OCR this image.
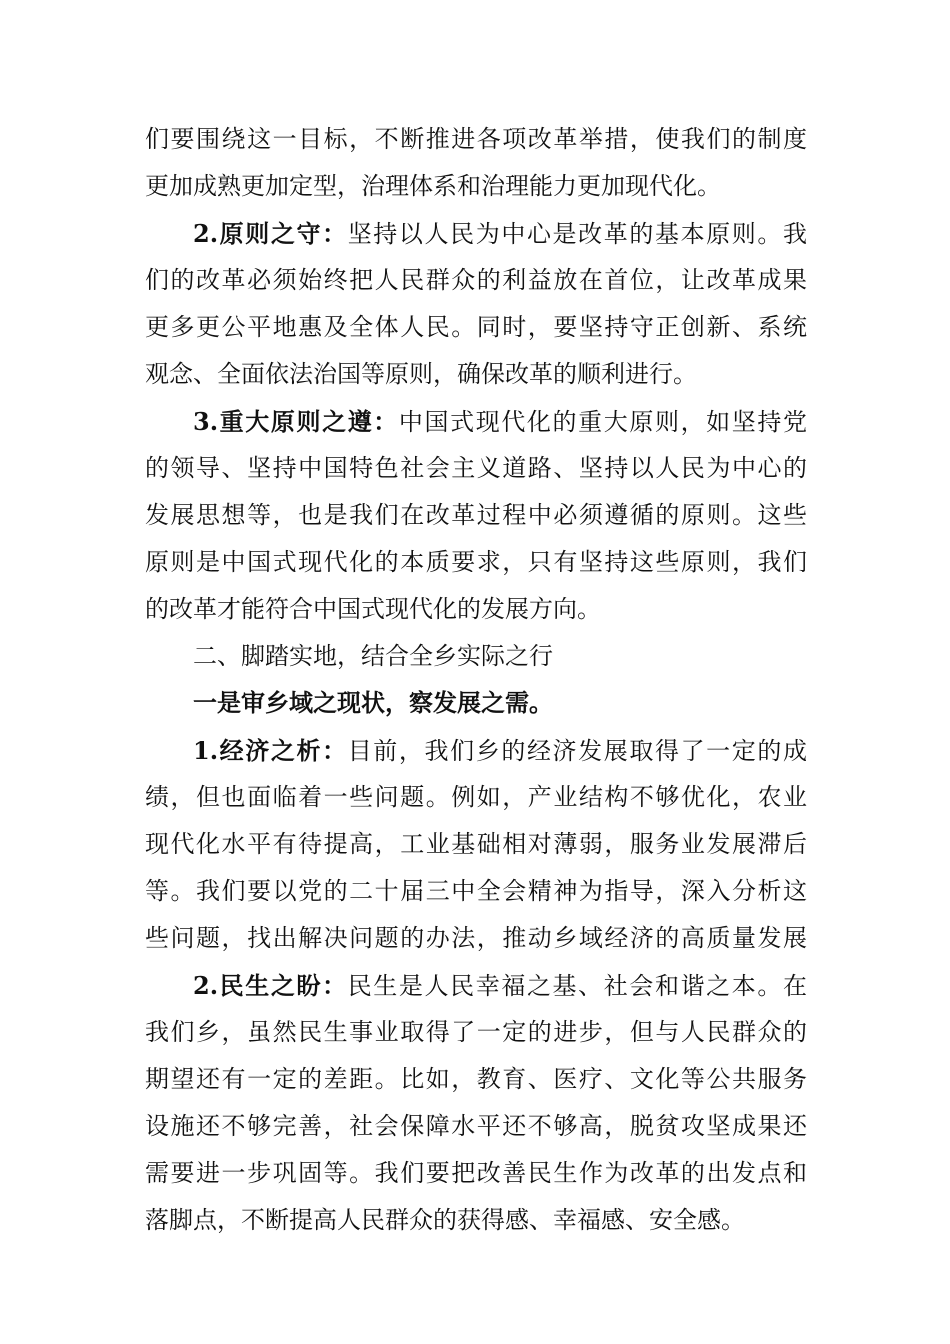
们要围绕这一目标，不断推进各项改革举措，使我们的制度
更加成熟更加定型，治理体系和治理能力更加现代化。
2.原则之守：坚持以人民为中心是改革的基本原则。我
们的改革必须始终把人民群众的利益放在首位，让改革成果
更多更公平地惠及全体人民。同时，要坚持守正创新、系统
观念、全面依法治国等原则，确保改革的顺利进行。
3.重大原则之遵：中国式现代化的重大原则，如坚持党
的领导、坚持中国特色社会主义道路、坚持以人民为中心的
发展思想等，也是我们在改革过程中必须遵循的原则。这些
原则是中国式现代化的本质要求，只有坚持这些原则，我们
的改革才能符合中国式现代化的发展方向。
二、脚踏实地，结合全乡实际之行
一是审乡域之现状，察发展之需。
1.经济之析：目前，我们乡的经济发展取得了一定的成
绩，但也面临着一些问题。例如，产业结构不够优化，农业
现代化水平有待提高，工业基础相对薄弱，服务业发展滞后
等。我们要以党的二十届三中全会精神为指导，深入分析这
些问题，找出解决问题的办法，推动乡域经济的高质量发展
2.民生之盼：民生是人民幸福之基、社会和谐之本。在
我们乡，虽然民生事业取得了一定的进步，但与人民群众的
期望还有一定的差距。比如，教育、医疗、文化等公共服务
设施还不够完善，社会保障水平还不够高，脱贫攻坚成果还
需要进一步巩固等。我们要把改善民生作为改革的出发点和
落脚点，不断提高人民群众的获得感、幸福感、安全感。
